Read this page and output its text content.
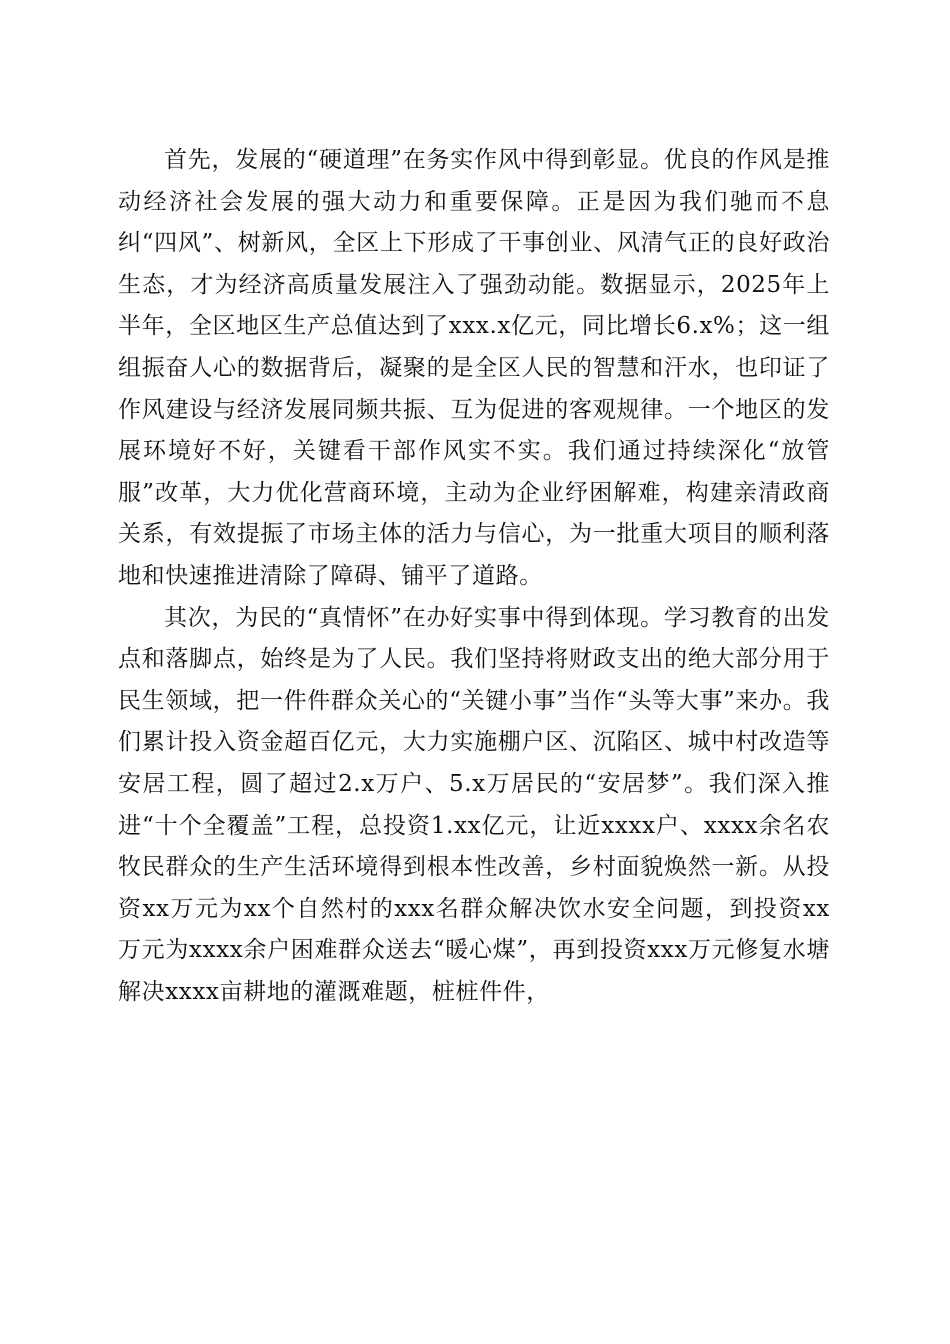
首先，发展的“硬道理”在务实作风中得到彰显。优良的作风是推动经济社会发展的强大动力和重要保障。正是因为我们驰而不息纠“四风”、树新风，全区上下形成了干事创业、风清气正的良好政治生态，才为经济高质量发展注入了强劲动能。数据显示，2025年上半年，全区地区生产总值达到了xxx.x亿元，同比增长6.x%；这一组组振奋人心的数据背后，凝聚的是全区人民的智慧和汗水，也印证了作风建设与经济发展同频共振、互为促进的客观规律。一个地区的发展环境好不好，关键看干部作风实不实。我们通过持续深化“放管服”改革，大力优化营商环境，主动为企业纾困解难，构建亲清政商关系，有效提振了市场主体的活力与信心，为一批重大项目的顺利落地和快速推进清除了障碍、铺平了道路。

其次，为民的“真情怀”在办好实事中得到体现。学习教育的出发点和落脚点，始终是为了人民。我们坚持将财政支出的绝大部分用于民生领域，把一件件群众关心的“关键小事”当作“头等大事”来办。我们累计投入资金超百亿元，大力实施棚户区、沉陷区、城中村改造等安居工程，圆了超过2.x万户、5.x万居民的“安居梦”。我们深入推进“十个全覆盖”工程，总投资1.xx亿元，让近xxxx户、xxxx余名农牧民群众的生产生活环境得到根本性改善，乡村面貌焕然一新。从投资xx万元为xx个自然村的xxx名群众解决饮水安全问题，到投资xx万元为xxxx余户困难群众送去“暖心煤”，再到投资xxx万元修复水塘解决xxxx亩耕地的灌溉难题，桩桩件件，
